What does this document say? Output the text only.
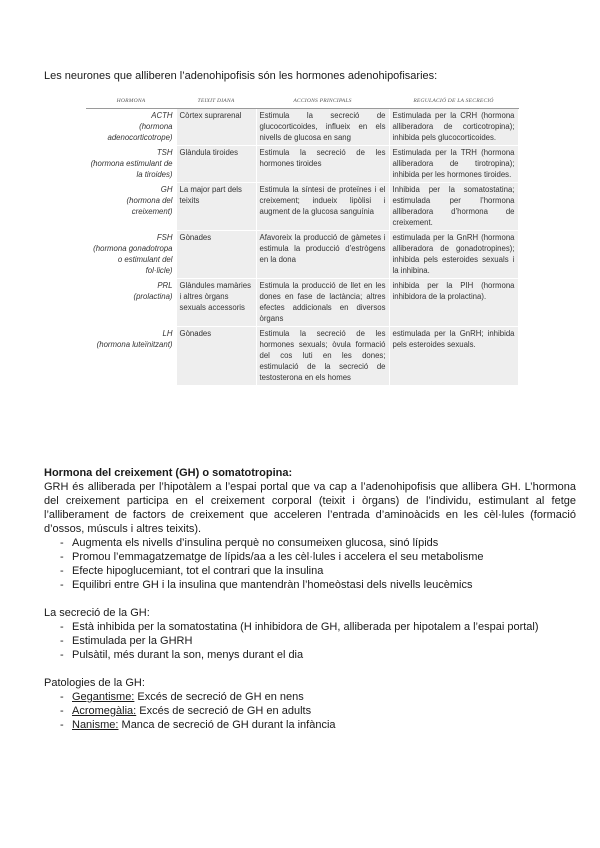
Les neurones que alliberen l’adenohipofisis són les hormones adenohipofisaries:

HORMONA	TEIXIT DIANA	ACCIONS PRINCIPALS	REGULACIÓ DE LA SECRECIÓ

ACTH
(hormona adenocorticotrope)	Còrtex suprarenal	Estimula la secreció de glucocorticoides, influeix en els nivells de glucosa en sang	Estimulada per la CRH (hormona alliberadora de corticotropina); inhibida pels glucocorticoides.

TSH
(hormona estimulant de la tiroides)	Glàndula tiroides	Estimula la secreció de les hormones tiroides	Estimulada per la TRH (hormona alliberadora de tirotropina); inhibida per les hormones tiroides.

GH
(hormona del creixement)	La major part dels teixits	Estimula la síntesi de proteïnes i el creixement; indueix lipòlisi i augment de la glucosa sanguínia	Inhibida per la somatostatina; estimulada per l’hormona alliberadora d’hormona de creixement.

FSH
(hormona gonadotropa o estimulant del fol·licle)	Gònades	Afavoreix la producció de gàmetes i estimula la producció d’estrògens en la dona	estimulada per la GnRH (hormona alliberadora de gonadotropines); inhibida pels esteroides sexuals i la inhibina.

PRL
(prolactina)	Glàndules mamàries i altres òrgans sexuals accessoris	Estimula la producció de llet en les dones en fase de lactància; altres efectes addicionals en diversos òrgans	inhibida per la PIH (hormona inhibidora de la prolactina).

LH
(hormona luteïnitzant)	Gònades	Estimula la secreció de les hormones sexuals; òvula formació del cos luti en les dones; estimulació de la secreció de testosterona en els homes	estimulada per la GnRH; inhibida pels esteroides sexuals.
Hormona del creixement (GH) o somatotropina:

GRH és alliberada per l’hipotàlem a l’espai portal que va cap a l’adenohipofisis que allibera GH. L’hormona del creixement participa en el creixement corporal (teixit i òrgans) de l’individu, estimulant al fetge l’alliberament de factors de creixement que acceleren l’entrada d’aminoàcids en les cèl·lules (formació d’ossos, músculs i altres teixits).

- Augmenta els nivells d’insulina perquè no consumeixen glucosa, sinó lípids
- Promou l’emmagatzematge de lípids/aa a les cèl·lules i accelera el seu metabolisme
- Efecte hipoglucemiant, tot el contrari que la insulina
- Equilibri entre GH i la insulina que mantendràn l’homeòstasi dels nivells leucèmics

La secreció de la GH:

- Està inhibida per la somatostatina (H inhibidora de GH, alliberada per hipotalem a l’espai portal)
- Estimulada per la GHRH
- Pulsàtil, més durant la son, menys durant el dia

Patologies de la GH:

- Gegantisme: Excés de secreció de GH en nens
- Acromegàlia: Excés de secreció de GH en adults
- Nanisme: Manca de secreció de GH durant la infància
